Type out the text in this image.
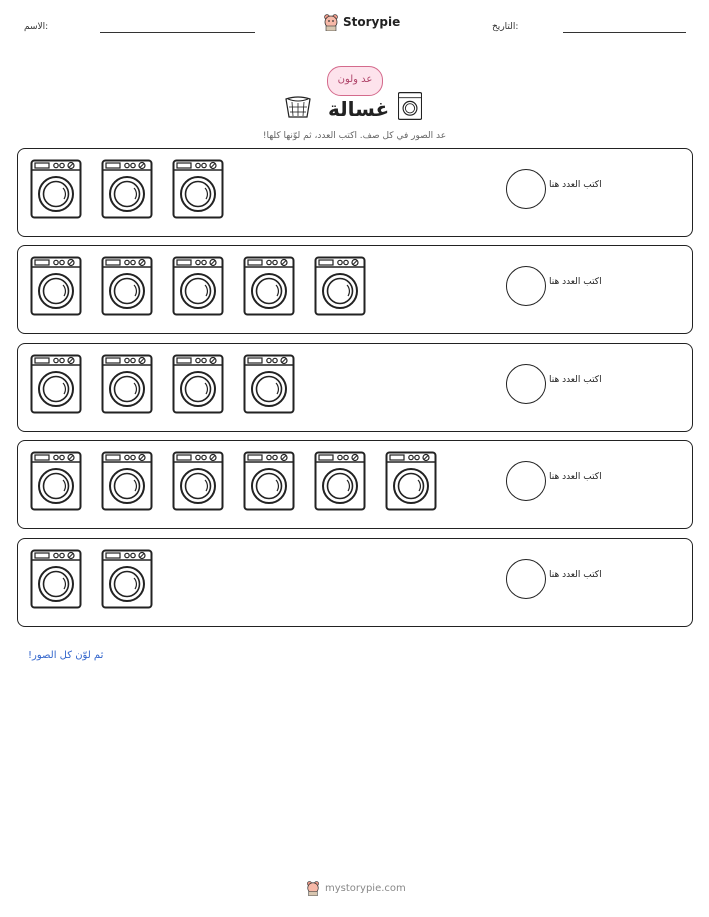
الاسم:	Storypie	التاريخ:
عد ولون
غسالة
عد الصور في كل صف. اكتب العدد، ثم لوّنها كلها!
اكتب العدد هنا
اكتب العدد هنا
اكتب العدد هنا
اكتب العدد هنا
اكتب العدد هنا
ثم لوّن كل الصور!
mystorypie.com
